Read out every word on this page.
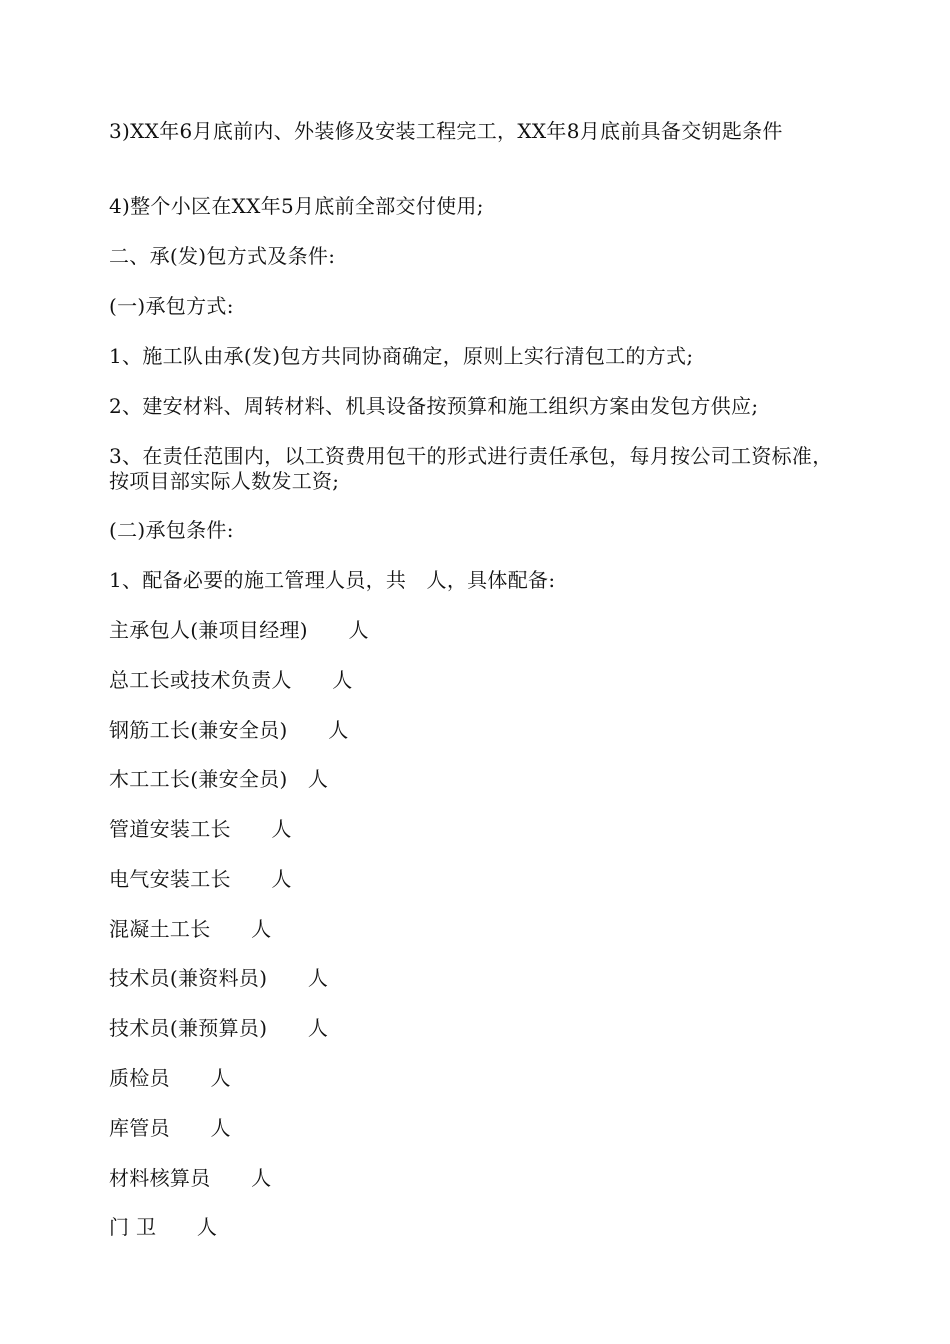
3)XX年6月底前内、外装修及安装工程完工，XX年8月底前具备交钥匙条件
4)整个小区在XX年5月底前全部交付使用;
二、承(发)包方式及条件:
(一)承包方式:
1、施工队由承(发)包方共同协商确定，原则上实行清包工的方式;
2、建安材料、周转材料、机具设备按预算和施工组织方案由发包方供应;
3、在责任范围内，以工资费用包干的形式进行责任承包，每月按公司工资标准，按项目部实际人数发工资;
(二)承包条件:
1、配备必要的施工管理人员，共　人，具体配备:
主承包人(兼项目经理)　　人
总工长或技术负责人　　人
钢筋工长(兼安全员)　　人
木工工长(兼安全员)　人
管道安装工长　　人
电气安装工长　　人
混凝土工长　　人
技术员(兼资料员)　　人
技术员(兼预算员)　　人
质检员　　人
库管员　　人
材料核算员　　人
门 卫　　人
